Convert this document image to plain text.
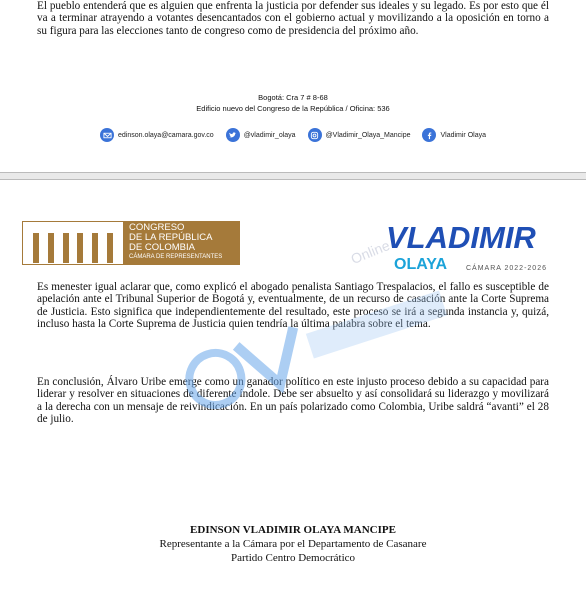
El pueblo entenderá que es alguien que enfrenta la justicia por defender sus ideales y su legado. Es por esto que él va a terminar atrayendo a votantes desencantados con el gobierno actual y movilizando a la oposición en torno a su figura para las elecciones tanto de congreso como de presidencia del próximo año.

Bogotá: Cra 7 # 8-68
Edificio nuevo del Congreso de la República / Oficina: 536
edinson.olaya@camara.gov.co	@vladimir_olaya	@Vladimir_Olaya_Mancipe	Vladimir Olaya
CONGRESO
DE LA REPÚBLICA
DE COLOMBIA
CÁMARA DE REPRESENTANTES	Online
VLADIMIR
OLAYA	CÁMARA 2022-2026

Es menester igual aclarar que, como explicó el abogado penalista Santiago Trespalacios, el fallo es susceptible de apelación ante el Tribunal Superior de Bogotá y, eventualmente, de un recurso de casación ante la Corte Suprema de Justicia. Esto significa que independientemente del resultado, este proceso se irá a segunda instancia y, quizá, incluso hasta la Corte Suprema de Justicia quien tendría la última palabra sobre el tema.

En conclusión, Álvaro Uribe emerge como un ganador político en este injusto proceso debido a su capacidad para liderar y resolver en situaciones de diferente índole. Debe ser absuelto y así consolidará su liderazgo y movilizará a la derecha con un mensaje de reivindicación. En un país polarizado como Colombia, Uribe saldrá “avanti” el 28 de julio.

EDINSON VLADIMIR OLAYA MANCIPE
Representante a la Cámara por el Departamento de Casanare
Partido Centro Democrático
